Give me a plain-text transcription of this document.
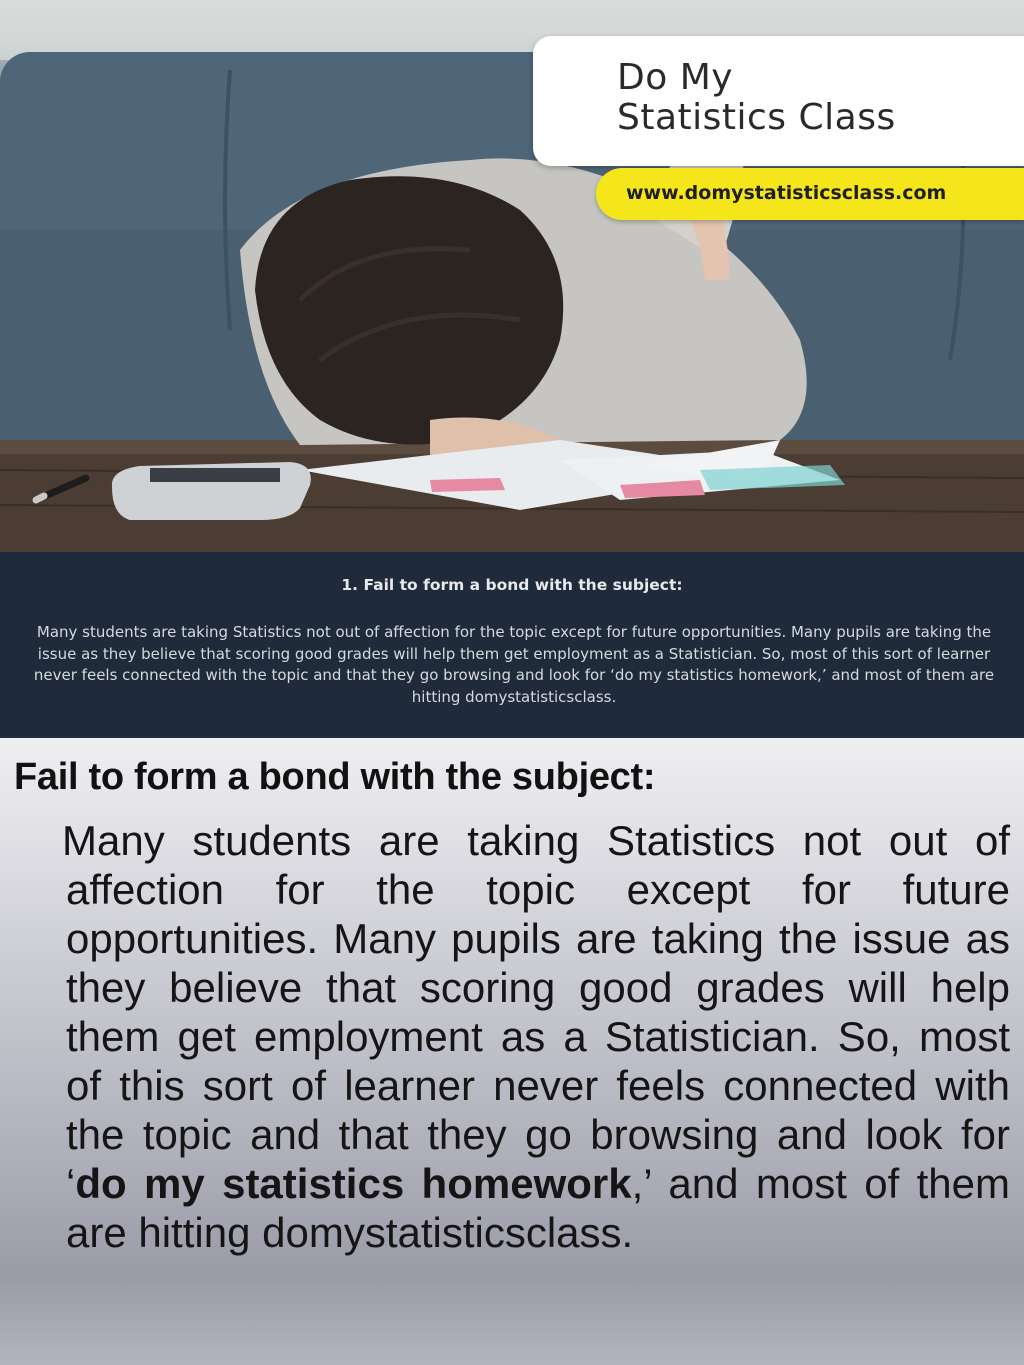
Do My
Statistics Class
www.domystatisticsclass.com
1. Fail to form a bond with the subject:
Many students are taking Statistics not out of affection for the topic except for future opportunities. Many pupils are taking the issue as they believe that scoring good grades will help them get employment as a Statistician. So, most of this sort of learner never feels connected with the topic and that they go browsing and look for ‘do my statistics homework,’ and most of them are hitting domystatisticsclass.
Fail to form a bond with the subject:
Many students are taking Statistics not out of affection for the topic except for future opportunities. Many pupils are taking the issue as they believe that scoring good grades will help them get employment as a Statistician. So, most of this sort of learner never feels connected with the topic and that they go browsing and look for ‘do my statistics homework,’ and most of them are hitting domystatisticsclass.
